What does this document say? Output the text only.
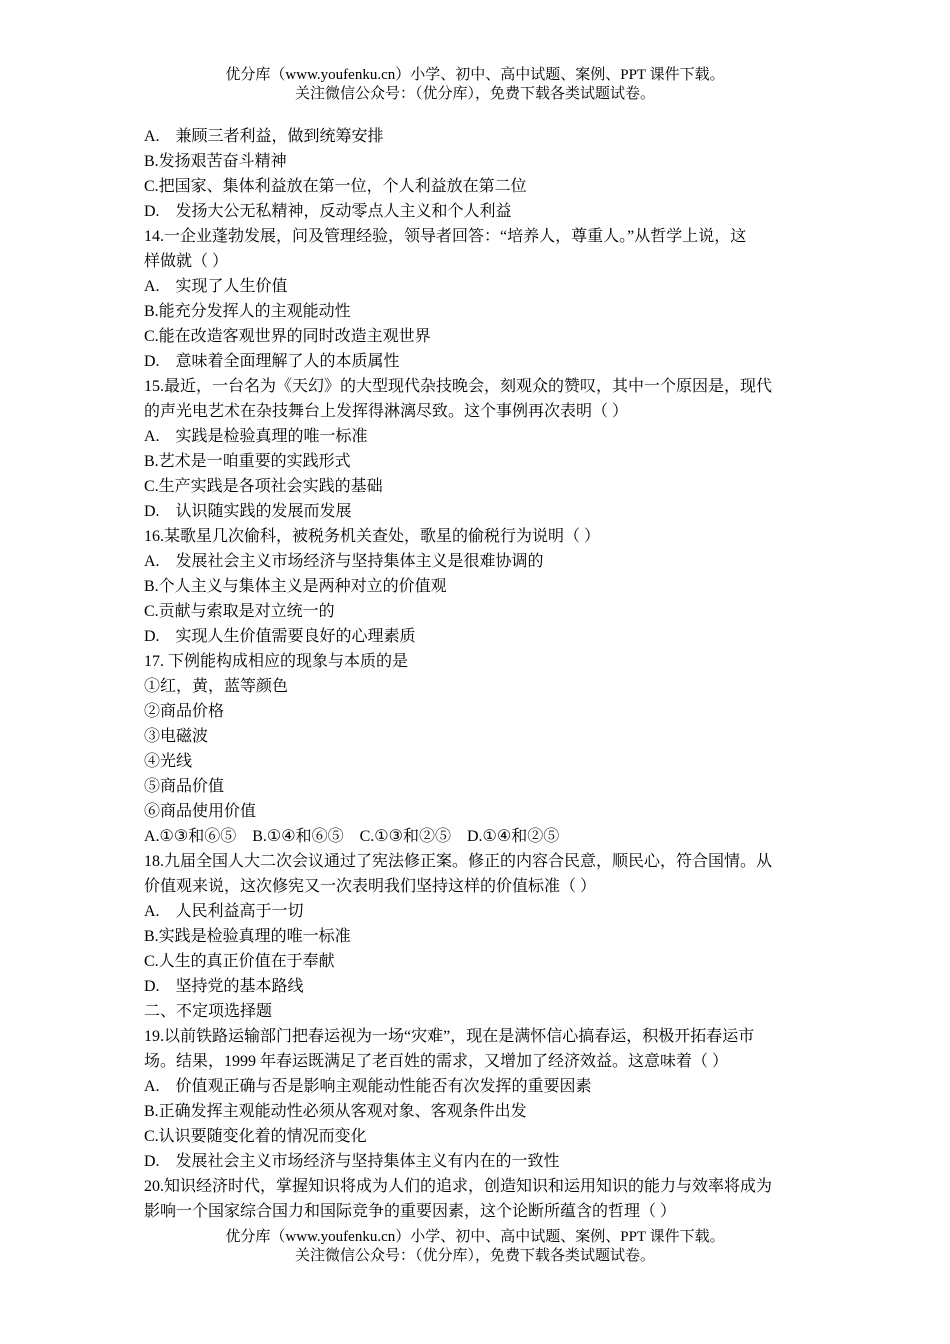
优分库（www.youfenku.cn）小学、初中、高中试题、案例、PPT 课件下载。
关注微信公众号：（优分库），免费下载各类试题试卷。
A.　兼顾三者利益，做到统筹安排
B.发扬艰苦奋斗精神
C.把国家、集体利益放在第一位，个人利益放在第二位
D.　发扬大公无私精神，反动零点人主义和个人利益
14.一企业蓬勃发展，问及管理经验，领导者回答：“培养人，尊重人。”从哲学上说，这
样做就（ ）
A.　实现了人生价值
B.能充分发挥人的主观能动性
C.能在改造客观世界的同时改造主观世界
D.　意味着全面理解了人的本质属性
15.最近，一台名为《天幻》的大型现代杂技晚会，刻观众的赞叹，其中一个原因是，现代
的声光电艺术在杂技舞台上发挥得淋漓尽致。这个事例再次表明（ ）
A.　实践是检验真理的唯一标准
B.艺术是一咱重要的实践形式
C.生产实践是各项社会实践的基础
D.　认识随实践的发展而发展
16.某歌星几次偷科，被税务机关查处，歌星的偷税行为说明（ ）
A.　发展社会主义市场经济与坚持集体主义是很难协调的
B.个人主义与集体主义是两种对立的价值观
C.贡献与索取是对立统一的
D.　实现人生价值需要良好的心理素质
17. 下例能构成相应的现象与本质的是
①红，黄，蓝等颜色
②商品价格
③电磁波
④光线
⑤商品价值
⑥商品使用价值
A.①③和⑥⑤　B.①④和⑥⑤　C.①③和②⑤　D.①④和②⑤
18.九届全国人大二次会议通过了宪法修正案。修正的内容合民意，顺民心，符合国情。从
价值观来说，这次修宪又一次表明我们坚持这样的价值标准（ ）
A.　人民利益高于一切
B.实践是检验真理的唯一标准
C.人生的真正价值在于奉献
D.　坚持党的基本路线
二、不定项选择题
19.以前铁路运输部门把春运视为一场“灾难”，现在是满怀信心搞春运，积极开拓春运市
场。结果，1999 年春运既满足了老百姓的需求，又增加了经济效益。这意味着（ ）
A.　价值观正确与否是影响主观能动性能否有次发挥的重要因素
B.正确发挥主观能动性必须从客观对象、客观条件出发
C.认识要随变化着的情况而变化
D.　发展社会主义市场经济与坚持集体主义有内在的一致性
20.知识经济时代，掌握知识将成为人们的追求，创造知识和运用知识的能力与效率将成为
影响一个国家综合国力和国际竞争的重要因素，这个论断所蕴含的哲理（ ）
优分库（www.youfenku.cn）小学、初中、高中试题、案例、PPT 课件下载。
关注微信公众号：（优分库），免费下载各类试题试卷。
